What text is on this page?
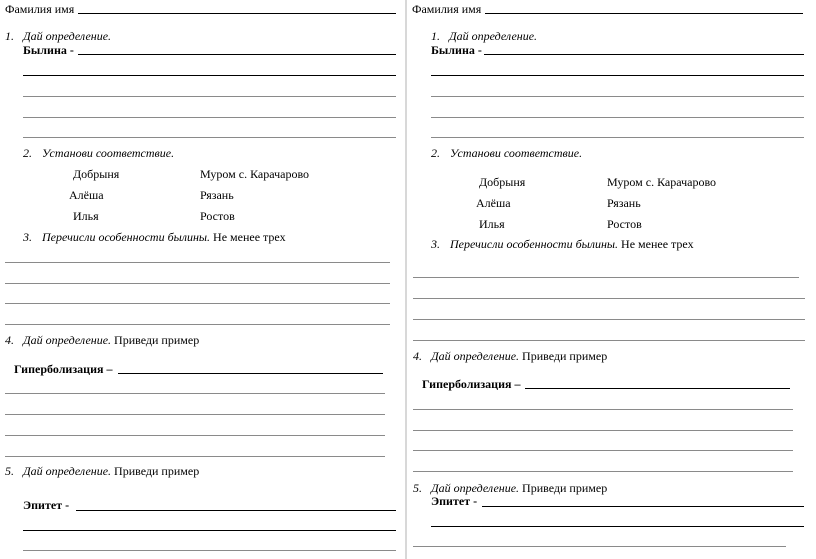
Фамилия имя
1. Дай определение.
Былина -
2. Установи соответствие.
Добрыня
Алёша
Илья
Муром с. Карачарово
Рязань
Ростов
3. Перечисли особенности былины. Не менее трех
4. Дай определение. Приведи пример
Гиперболизация –
5. Дай определение. Приведи пример
Эпитет -
Фамилия имя
1. Дай определение.
Былина -
2. Установи соответствие.
Добрыня
Алёша
Илья
Муром с. Карачарово
Рязань
Ростов
3. Перечисли особенности былины. Не менее трех
4. Дай определение. Приведи пример
Гиперболизация –
5. Дай определение. Приведи пример
Эпитет -
